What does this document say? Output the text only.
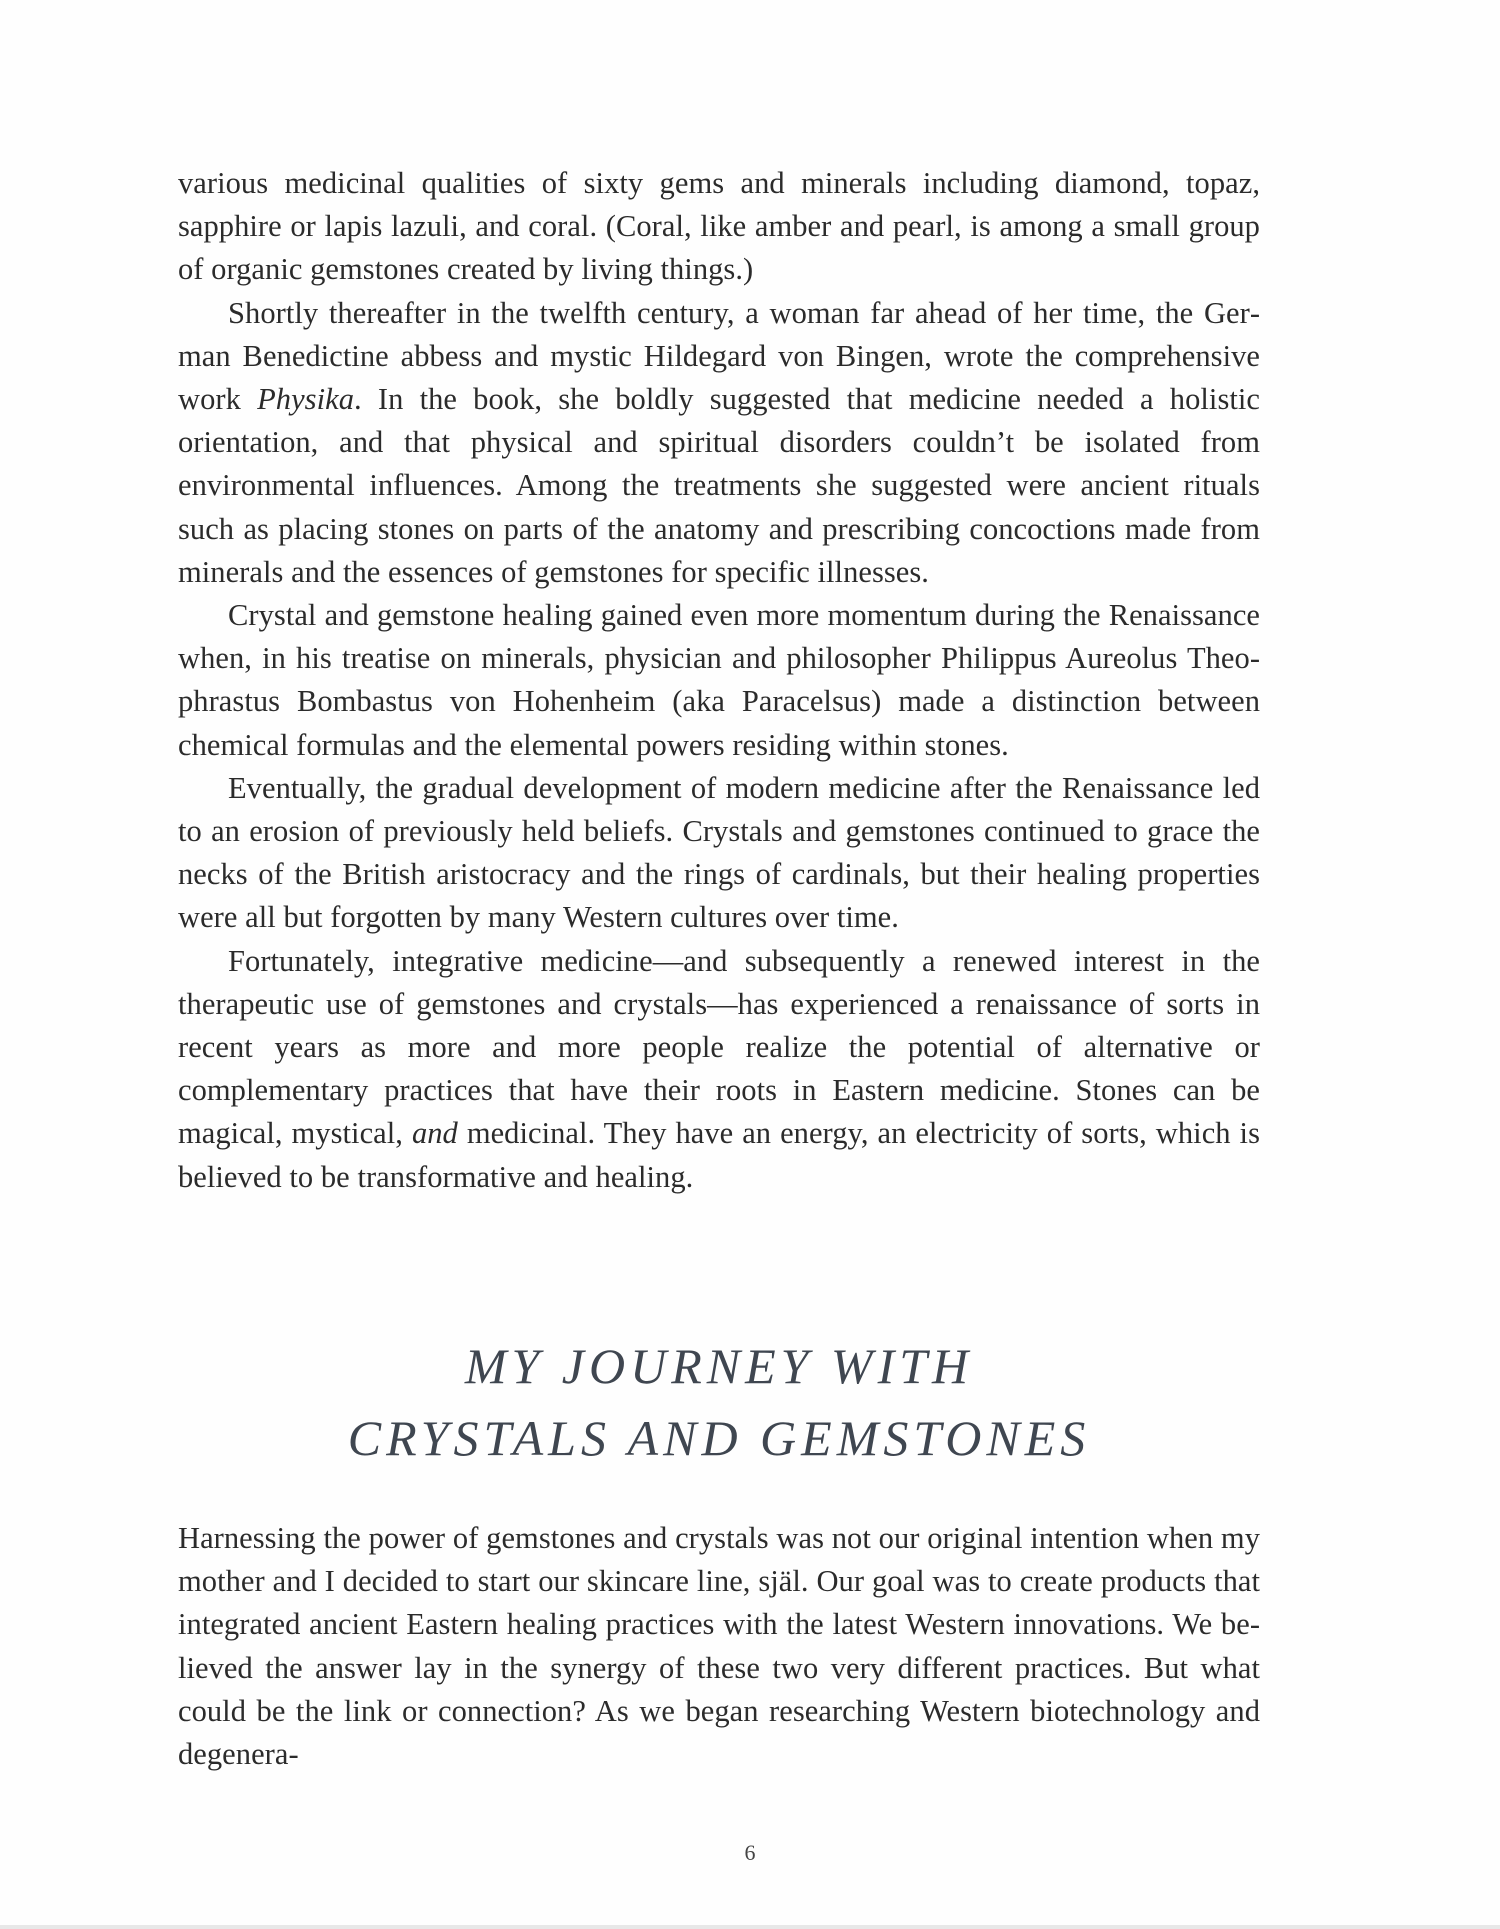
various medicinal qualities of sixty gems and minerals including diamond, topaz, sapphire or lapis lazuli, and coral. (Coral, like amber and pearl, is among a small group of organic gemstones created by living things.)

Shortly thereafter in the twelfth century, a woman far ahead of her time, the German Benedictine abbess and mystic Hildegard von Bingen, wrote the comprehensive work Physika. In the book, she boldly suggested that medicine needed a holistic orientation, and that physical and spiritual disorders couldn’t be isolated from environmental influences. Among the treatments she suggested were ancient rituals such as placing stones on parts of the anatomy and prescribing concoctions made from minerals and the essences of gemstones for specific illnesses.

Crystal and gemstone healing gained even more momentum during the Renaissance when, in his treatise on minerals, physician and philosopher Philippus Aureolus Theophrastus Bombastus von Hohenheim (aka Paracelsus) made a distinction between chemical formulas and the elemental powers residing within stones.

Eventually, the gradual development of modern medicine after the Renaissance led to an erosion of previously held beliefs. Crystals and gemstones continued to grace the necks of the British aristocracy and the rings of cardinals, but their healing properties were all but forgotten by many Western cultures over time.

Fortunately, integrative medicine—and subsequently a renewed interest in the therapeutic use of gemstones and crystals—has experienced a renaissance of sorts in recent years as more and more people realize the potential of alternative or complementary practices that have their roots in Eastern medicine. Stones can be magical, mystical, and medicinal. They have an energy, an electricity of sorts, which is believed to be transformative and healing.

MY JOURNEY WITH
CRYSTALS AND GEMSTONES

Harnessing the power of gemstones and crystals was not our original intention when my mother and I decided to start our skincare line, själ. Our goal was to create products that integrated ancient Eastern healing practices with the latest Western innovations. We believed the answer lay in the synergy of these two very different practices. But what could be the link or connection? As we began researching Western biotechnology and degenera-

6
